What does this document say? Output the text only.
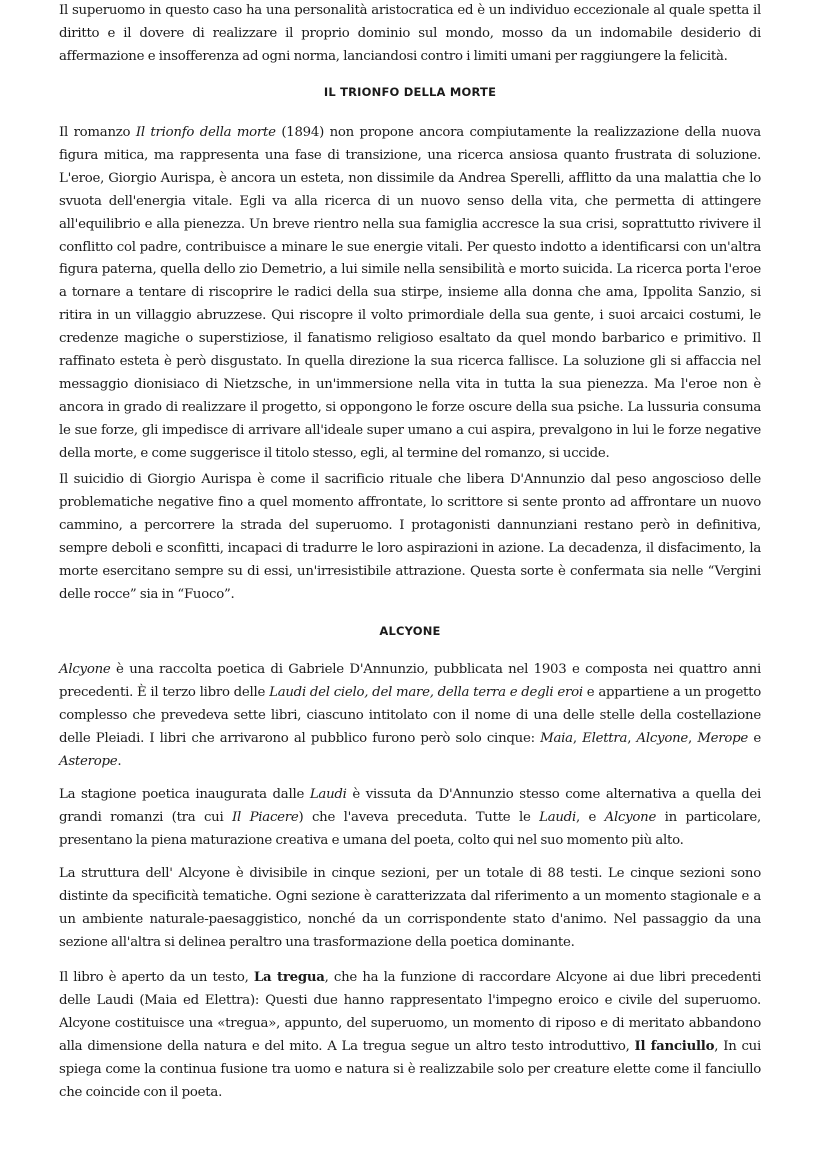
Il superuomo in questo caso ha una personalità aristocratica ed è un individuo eccezionale al quale spetta il diritto e il dovere di realizzare il proprio dominio sul mondo, mosso da un indomabile desiderio di affermazione e insofferenza ad ogni norma, lanciandosi contro i limiti umani per raggiungere la felicità.

IL TRIONFO DELLA MORTE

Il romanzo Il trionfo della morte (1894) non propone ancora compiutamente la realizzazione della nuova figura mitica, ma rappresenta una fase di transizione, una ricerca ansiosa quanto frustrata di soluzione. L'eroe, Giorgio Aurispa, è ancora un esteta, non dissimile da Andrea Sperelli, afflitto da una malattia che lo svuota dell'energia vitale. Egli va alla ricerca di un nuovo senso della vita, che permetta di attingere all'equilibrio e alla pienezza. Un breve rientro nella sua famiglia accresce la sua crisi, soprattutto rivivere il conflitto col padre, contribuisce a minare le sue energie vitali. Per questo indotto a identificarsi con un'altra figura paterna, quella dello zio Demetrio, a lui simile nella sensibilità e morto suicida. La ricerca porta l'eroe a tornare a tentare di riscoprire le radici della sua stirpe, insieme alla donna che ama, Ippolita Sanzio, si ritira in un villaggio abruzzese. Qui riscopre il volto primordiale della sua gente, i suoi arcaici costumi, le credenze magiche o superstiziose, il fanatismo religioso esaltato da quel mondo barbarico e primitivo. Il raffinato esteta è però disgustato. In quella direzione la sua ricerca fallisce. La soluzione gli si affaccia nel messaggio dionisiaco di Nietzsche, in un'immersione nella vita in tutta la sua pienezza. Ma l'eroe non è ancora in grado di realizzare il progetto, si oppongono le forze oscure della sua psiche. La lussuria consuma le sue forze, gli impedisce di arrivare all'ideale super umano a cui aspira, prevalgono in lui le forze negative della morte, e come suggerisce il titolo stesso, egli, al termine del romanzo, si uccide.

Il suicidio di Giorgio Aurispa è come il sacrificio rituale che libera D'Annunzio dal peso angoscioso delle problematiche negative fino a quel momento affrontate, lo scrittore si sente pronto ad affrontare un nuovo cammino, a percorrere la strada del superuomo. I protagonisti dannunziani restano però in definitiva, sempre deboli e sconfitti, incapaci di tradurre le loro aspirazioni in azione. La decadenza, il disfacimento, la morte esercitano sempre su di essi, un'irresistibile attrazione. Questa sorte è confermata sia nelle “Vergini delle rocce” sia in “Fuoco”.

ALCYONE

Alcyone è una raccolta poetica di Gabriele D'Annunzio, pubblicata nel 1903 e composta nei quattro anni precedenti. È il terzo libro delle Laudi del cielo, del mare, della terra e degli eroi e appartiene a un progetto complesso che prevedeva sette libri, ciascuno intitolato con il nome di una delle stelle della costellazione delle Pleiadi. I libri che arrivarono al pubblico furono però solo cinque: Maia, Elettra, Alcyone, Merope e Asterope.

La stagione poetica inaugurata dalle Laudi è vissuta da D'Annunzio stesso come alternativa a quella dei grandi romanzi (tra cui Il Piacere) che l'aveva preceduta. Tutte le Laudi, e Alcyone in particolare, presentano la piena maturazione creativa e umana del poeta, colto qui nel suo momento più alto.

La struttura dell' Alcyone è divisibile in cinque sezioni, per un totale di 88 testi. Le cinque sezioni sono distinte da specificità tematiche. Ogni sezione è caratterizzata dal riferimento a un momento stagionale e a un ambiente naturale-paesaggistico, nonché da un corrispondente stato d'animo. Nel passaggio da una sezione all'altra si delinea peraltro una trasformazione della poetica dominante.

Il libro è aperto da un testo, La tregua, che ha la funzione di raccordare Alcyone ai due libri precedenti delle Laudi (Maia ed Elettra): Questi due hanno rappresentato l'impegno eroico e civile del superuomo. Alcyone costituisce una «tregua», appunto, del superuomo, un momento di riposo e di meritato abbandono alla dimensione della natura e del mito. A La tregua segue un altro testo introduttivo, Il fanciullo, In cui spiega come la continua fusione tra uomo e natura si è realizzabile solo per creature elette come il fanciullo che coincide con il poeta.
